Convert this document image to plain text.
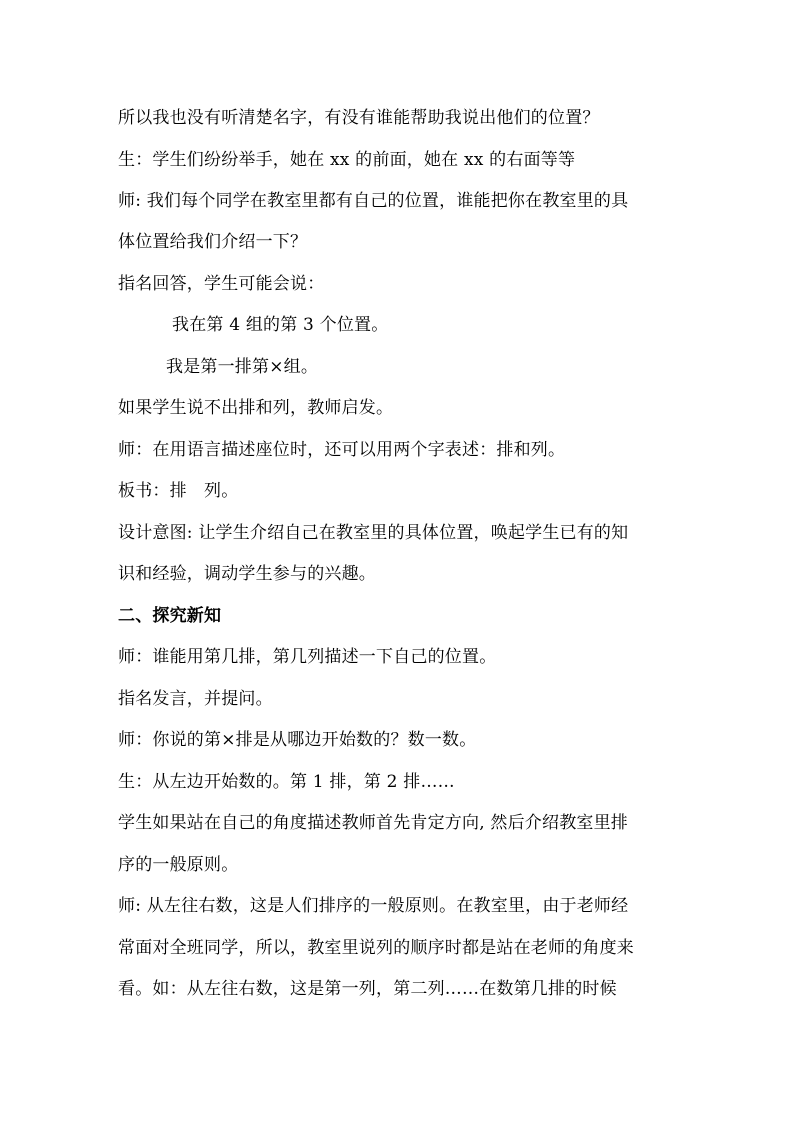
所以我也没有听清楚名字，有没有谁能帮助我说出他们的位置？
生：学生们纷纷举手，她在 xx 的前面，她在 xx 的右面等等
师: 我们每个同学在教室里都有自己的位置，谁能把你在教室里的具
体位置给我们介绍一下？
指名回答，学生可能会说：
我在第 4 组的第 3 个位置。
我是第一排第×组。
如果学生说不出排和列，教师启发。
师：在用语言描述座位时，还可以用两个字表述：排和列。
板书：排　列。
设计意图: 让学生介绍自己在教室里的具体位置，唤起学生已有的知
识和经验，调动学生参与的兴趣。
二、探究新知
师：谁能用第几排，第几列描述一下自己的位置。
指名发言，并提问。
师：你说的第×排是从哪边开始数的？数一数。
生：从左边开始数的。第 1 排，第 2 排……
学生如果站在自己的角度描述教师首先肯定方向, 然后介绍教室里排
序的一般原则。
师: 从左往右数，这是人们排序的一般原则。在教室里，由于老师经
常面对全班同学，所以，教室里说列的顺序时都是站在老师的角度来
看。如：从左往右数，这是第一列，第二列……在数第几排的时候
